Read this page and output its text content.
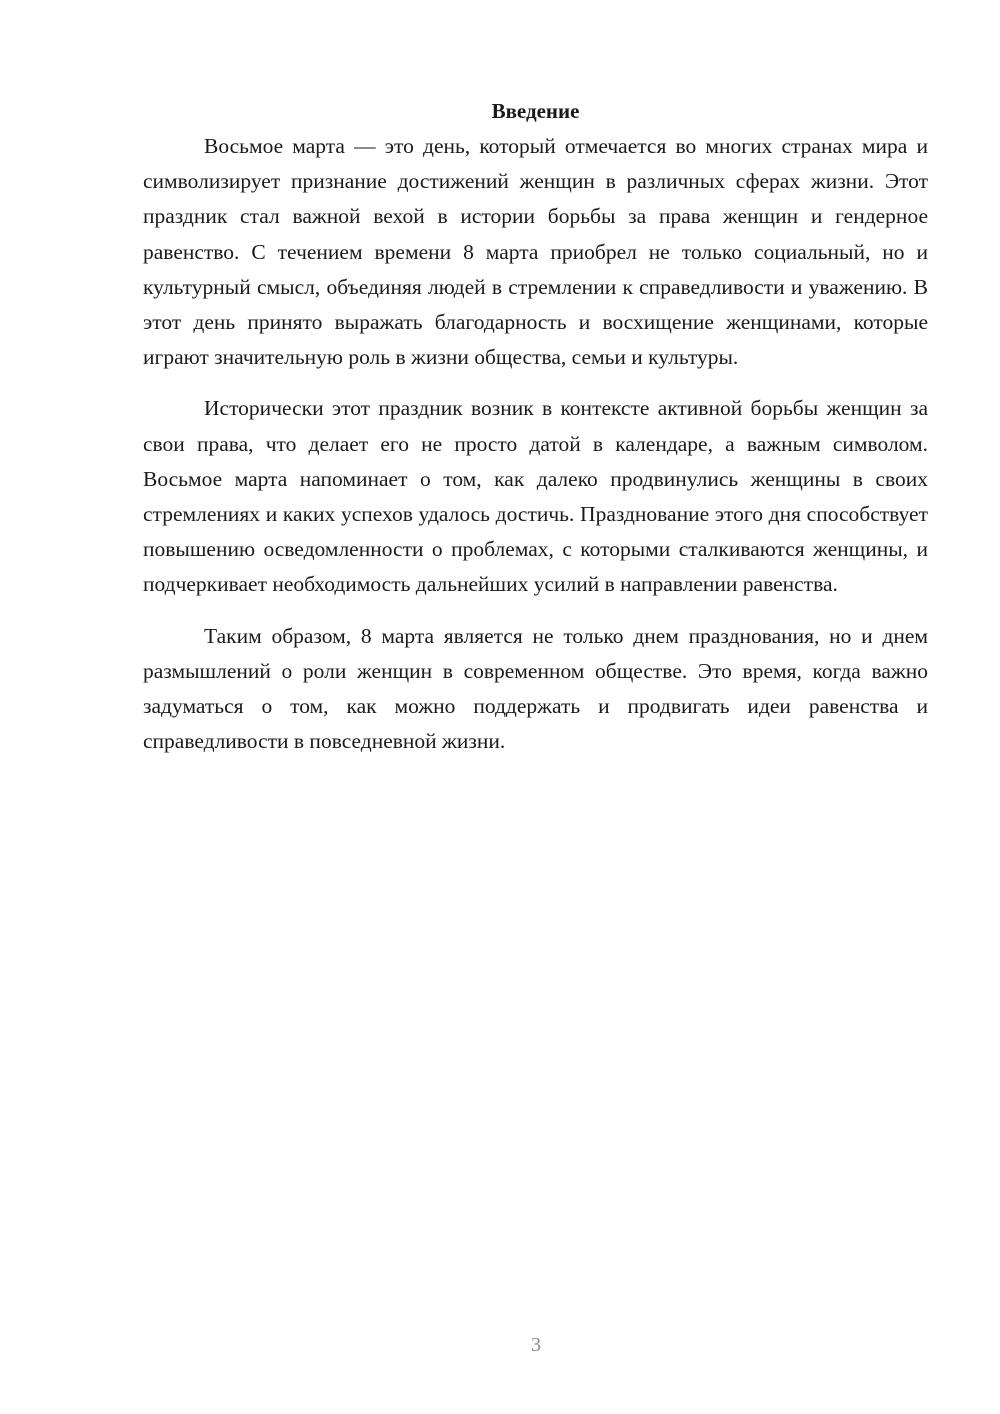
Введение

Восьмое марта — это день, который отмечается во многих странах мира и символизирует признание достижений женщин в различных сферах жизни. Этот праздник стал важной вехой в истории борьбы за права женщин и гендерное равенство. С течением времени 8 марта приобрел не только социальный, но и культурный смысл, объединяя людей в стремлении к справедливости и уважению. В этот день принято выражать благодарность и восхищение женщинами, которые играют значительную роль в жизни общества, семьи и культуры.

Исторически этот праздник возник в контексте активной борьбы женщин за свои права, что делает его не просто датой в календаре, а важным символом. Восьмое марта напоминает о том, как далеко продвинулись женщины в своих стремлениях и каких успехов удалось достичь. Празднование этого дня способствует повышению осведомленности о проблемах, с которыми сталкиваются женщины, и подчеркивает необходимость дальнейших усилий в направлении равенства.

Таким образом, 8 марта является не только днем празднования, но и днем размышлений о роли женщин в современном обществе. Это время, когда важно задуматься о том, как можно поддержать и продвигать идеи равенства и справедливости в повседневной жизни.

3
